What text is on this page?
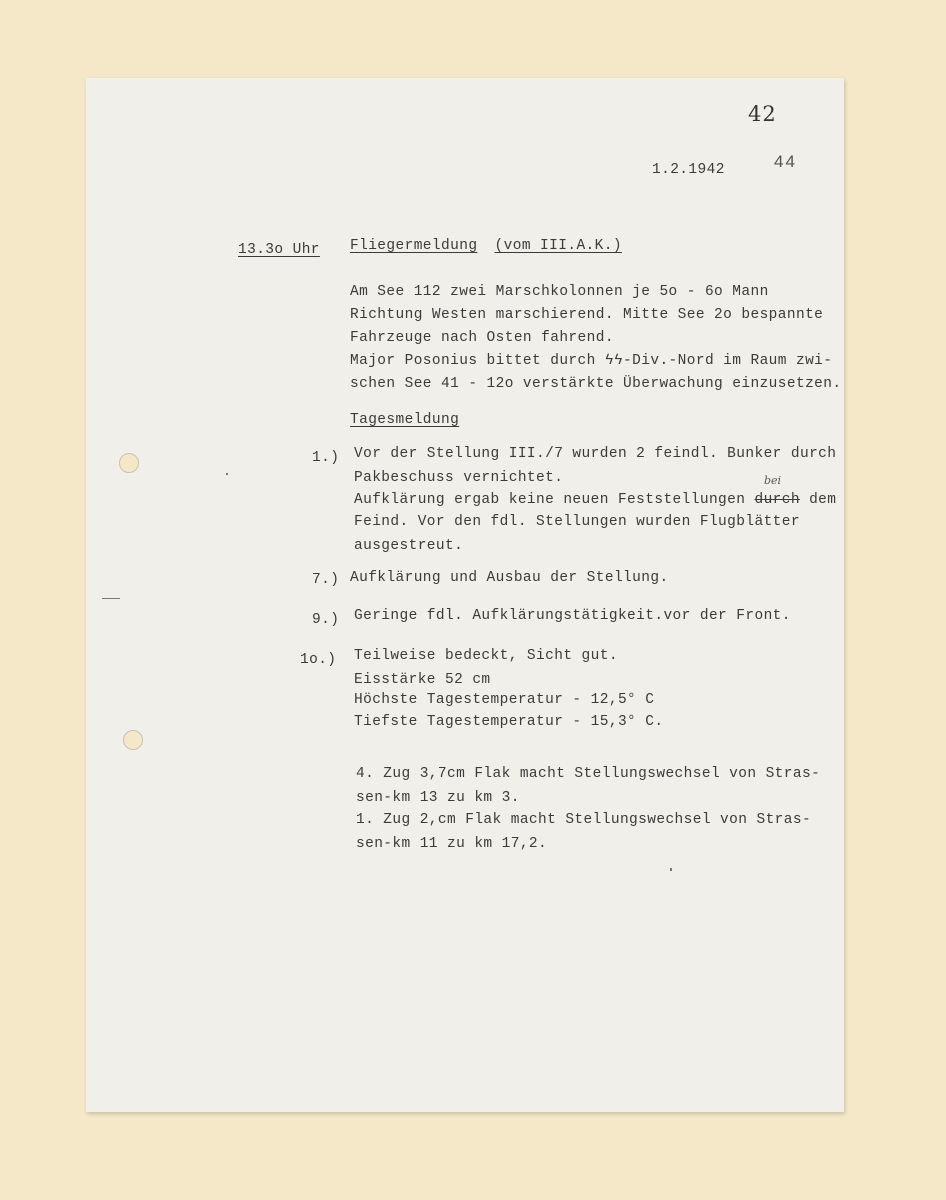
42
44
1.2.1942
13.3o Uhr Fliegermeldung (vom III.A.K.)
Am See 112 zwei Marschkolonnen je 5o - 6o Mann
Richtung Westen marschierend. Mitte See 2o bespannte
Fahrzeuge nach Osten fahrend.
Major Posonius bittet durch ϟϟ-Div.-Nord im Raum zwi-
schen See 41 - 12o verstärkte Überwachung einzusetzen.
Tagesmeldung
1.) Vor der Stellung III./7 wurden 2 feindl. Bunker durch
Pakbeschuss vernichtet.	bei
Aufklärung ergab keine neuen Feststellungen durch dem
Feind. Vor den fdl. Stellungen wurden Flugblätter
ausgestreut.
7.) Aufklärung und Ausbau der Stellung.
9.) Geringe fdl. Aufklärungstätigkeit.vor der Front.
1o.) Teilweise bedeckt, Sicht gut.
Eisstärke 52 cm
Höchste Tagestemperatur - 12,5° C
Tiefste Tagestemperatur - 15,3° C.
4. Zug 3,7cm Flak macht Stellungswechsel von Stras-
sen-km 13 zu km 3.
1. Zug 2,cm Flak macht Stellungswechsel von Stras-
sen-km 11 zu km 17,2.
